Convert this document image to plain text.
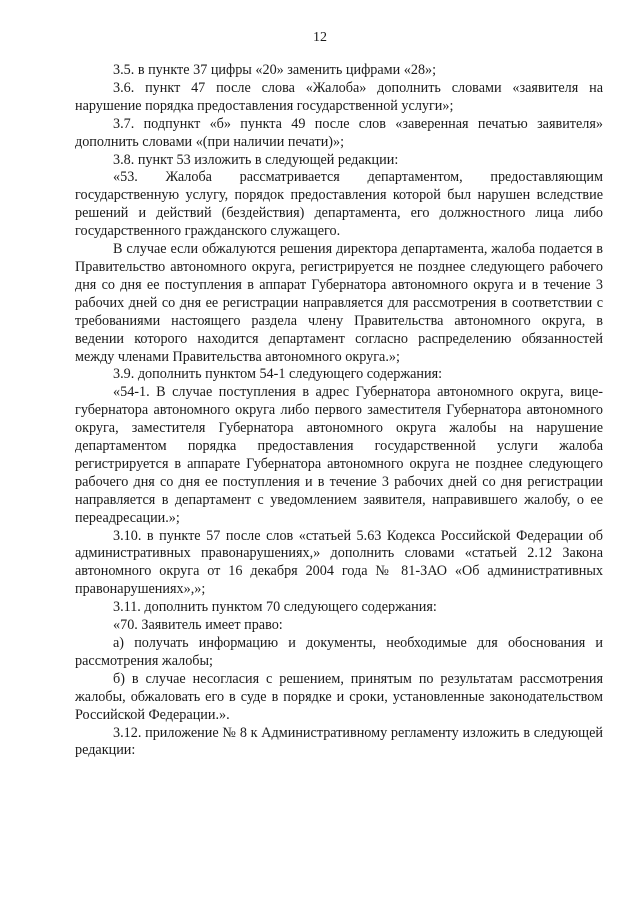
12

3.5. в пункте 37 цифры «20» заменить цифрами «28»;

3.6. пункт 47 после слова «Жалоба» дополнить словами «заявителя на нарушение порядка предоставления государственной услуги»;

3.7. подпункт «б» пункта 49 после слов «заверенная печатью заявителя» дополнить словами «(при наличии печати)»;

3.8. пункт 53 изложить в следующей редакции:

«53. Жалоба рассматривается департаментом, предоставляющим государственную услугу, порядок предоставления которой был нарушен вследствие решений и действий (бездействия) департамента, его должностного лица либо государственного гражданского служащего.

В случае если обжалуются решения директора департамента, жалоба подается в Правительство автономного округа, регистрируется не позднее следующего рабочего дня со дня ее поступления в аппарат Губернатора автономного округа и в течение 3 рабочих дней со дня ее регистрации направляется для рассмотрения в соответствии с требованиями настоящего раздела члену Правительства автономного округа, в ведении которого находится департамент согласно распределению обязанностей между членами Правительства автономного округа.»;

3.9. дополнить пунктом 54-1 следующего содержания:

«54-1. В случае поступления в адрес Губернатора автономного округа, вице-губернатора автономного округа либо первого заместителя Губернатора автономного округа, заместителя Губернатора автономного округа жалобы на нарушение департаментом порядка предоставления государственной услуги жалоба регистрируется в аппарате Губернатора автономного округа не позднее следующего рабочего дня со дня ее поступления и в течение 3 рабочих дней со дня регистрации направляется в департамент с уведомлением заявителя, направившего жалобу, о ее переадресации.»;

3.10. в пункте 57 после слов «статьей 5.63 Кодекса Российской Федерации об административных правонарушениях,» дополнить словами «статьей 2.12 Закона автономного округа от 16 декабря 2004 года № 81-ЗАО «Об административных правонарушениях»,»;

3.11. дополнить пунктом 70 следующего содержания:

«70. Заявитель имеет право:

а) получать информацию и документы, необходимые для обоснования и рассмотрения жалобы;

б) в случае несогласия с решением, принятым по результатам рассмотрения жалобы, обжаловать его в суде в порядке и сроки, установленные законодательством Российской Федерации.».

3.12. приложение № 8 к Административному регламенту изложить в следующей редакции:
